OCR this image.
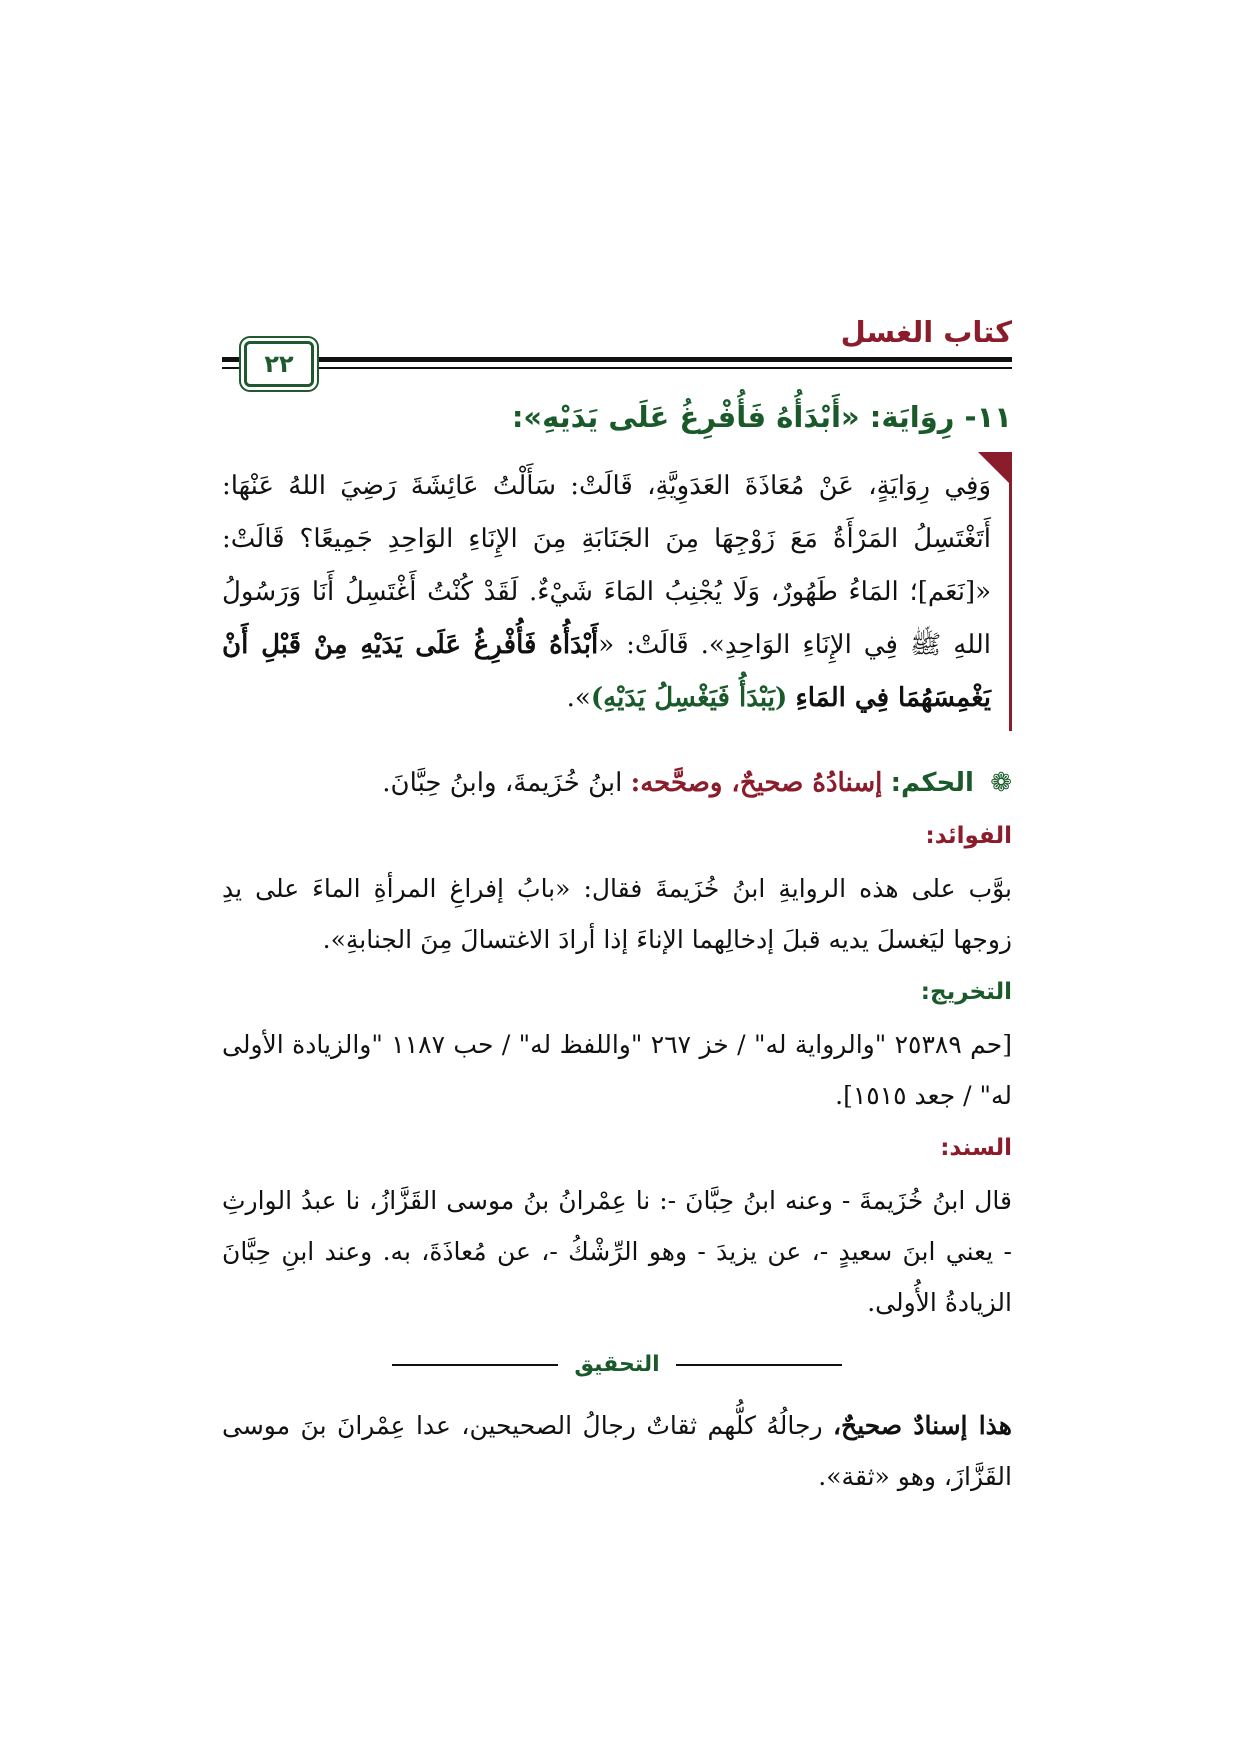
كتاب الغسل
٢٢
١١- رِوَايَة: «أَبْدَأُهُ فَأُفْرِغُ عَلَى يَدَيْهِ»:

وَفِي رِوَايَةٍ، عَنْ مُعَاذَةَ العَدَوِيَّةِ، قَالَتْ: سَأَلْتُ عَائِشَةَ رَضِيَ اللهُ عَنْهَا: أَتَغْتَسِلُ المَرْأَةُ مَعَ زَوْجِهَا مِنَ الجَنَابَةِ مِنَ الإِنَاءِ الوَاحِدِ جَمِيعًا؟ قَالَتْ: «[نَعَم]؛ المَاءُ طَهُورٌ، وَلَا يُجْنِبُ المَاءَ شَيْءٌ. لَقَدْ كُنْتُ أَغْتَسِلُ أَنَا وَرَسُولُ اللهِ ﷺ فِي الإِنَاءِ الوَاحِدِ». قَالَتْ: «أَبْدَأُهُ فَأُفْرِغُ عَلَى يَدَيْهِ مِنْ قَبْلِ أَنْ يَغْمِسَهُمَا فِي المَاءِ (يَبْدَأُ فَيَغْسِلُ يَدَيْهِ)».

❁ الحكم: إسنادُهُ صحيحٌ، وصحَّحه: ابنُ خُزَيمةَ، وابنُ حِبَّانَ.
الفوائد:

بوَّب على هذه الروايةِ ابنُ خُزَيمةَ فقال: «بابُ إفراغِ المرأةِ الماءَ على يدِ زوجها ليَغسلَ يديه قبلَ إدخالِهما الإناءَ إذا أرادَ الاغتسالَ مِنَ الجنابةِ».

التخريج:

[حم ٢٥٣٨٩ "والرواية له" / خز ٢٦٧ "واللفظ له" / حب ١١٨٧ "والزيادة الأولى له" / جعد ١٥١٥].

السند:

قال ابنُ خُزَيمةَ - وعنه ابنُ حِبَّانَ -: نا عِمْرانُ بنُ موسى القَزَّازُ، نا عبدُ الوارثِ - يعني ابنَ سعيدٍ -، عن يزيدَ - وهو الرِّشْكُ -، عن مُعاذَةَ، به. وعند ابنِ حِبَّانَ الزيادةُ الأُولى.

التحقيق

هذا إسنادٌ صحيحٌ، رجالُهُ كلُّهم ثقاتٌ رجالُ الصحيحين، عدا عِمْرانَ بنَ موسى القَزَّازَ، وهو «ثقة».
